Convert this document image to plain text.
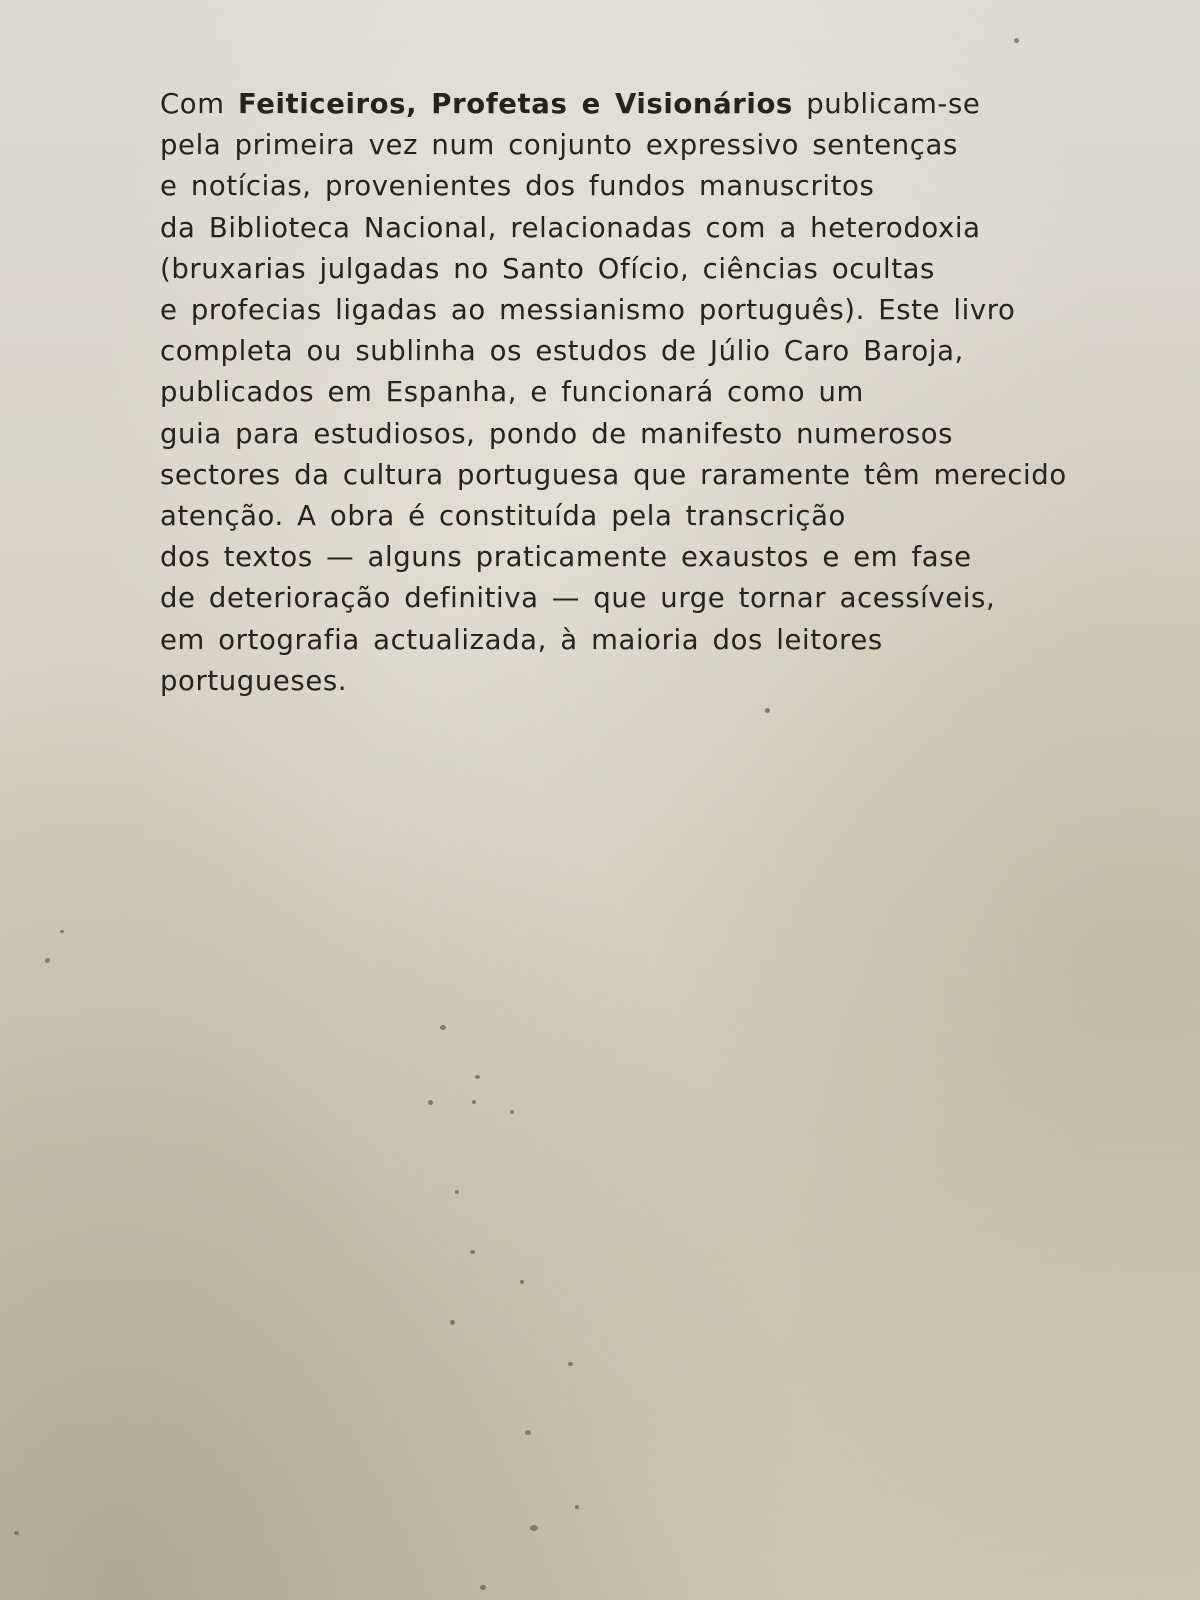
Com Feiticeiros, Profetas e Visionários publicam-se
pela primeira vez num conjunto expressivo sentenças
e notícias, provenientes dos fundos manuscritos
da Biblioteca Nacional, relacionadas com a heterodoxia
(bruxarias julgadas no Santo Ofício, ciências ocultas
e profecias ligadas ao messianismo português). Este livro
completa ou sublinha os estudos de Júlio Caro Baroja,
publicados em Espanha, e funcionará como um
guia para estudiosos, pondo de manifesto numerosos
sectores da cultura portuguesa que raramente têm merecido
atenção. A obra é constituída pela transcrição
dos textos — alguns praticamente exaustos e em fase
de deterioração definitiva — que urge tornar acessíveis,
em ortografia actualizada, à maioria dos leitores
portugueses.
